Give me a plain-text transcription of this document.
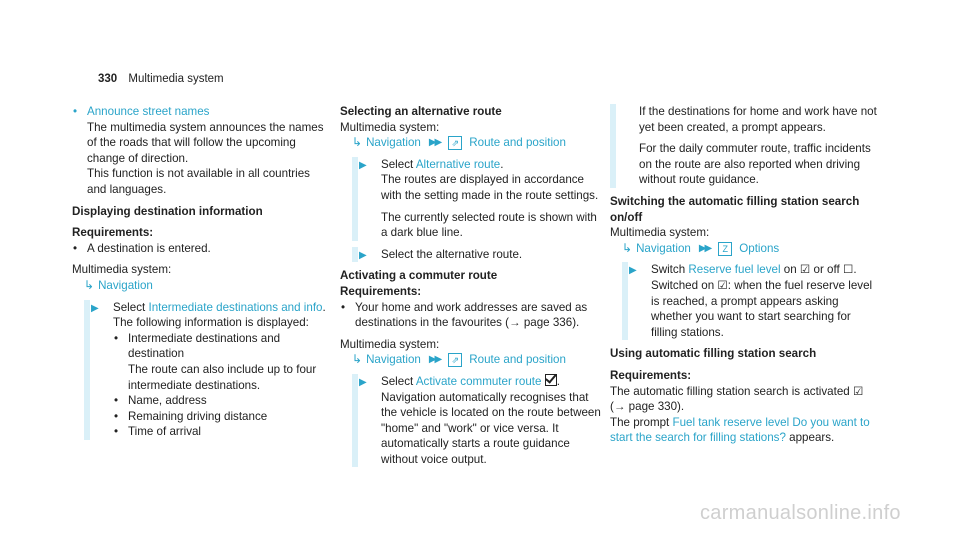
330 Multimedia system

• Announce street names

The multimedia system announces the names of the roads that will follow the upcoming change of direction.

This function is not available in all countries and languages.

Displaying destination information

Requirements:

• A destination is entered.

Multimedia system:

↳ Navigation
▶ Select Intermediate destinations and info.

The following information is displayed:

• Intermediate destinations and destination

The route can also include up to four intermediate destinations.

• Name, address

• Remaining driving distance

• Time of arrival

Selecting an alternative route

Multimedia system:

↳ Navigation ▶▶	⇗ Route and position
▶ Select Alternative route.

The routes are displayed in accordance with the setting made in the route settings.

The currently selected route is shown with a dark blue line.

▶ Select the alternative route.

Activating a commuter route

Requirements:

• Your home and work addresses are saved as destinations in the favourites (→ page 336).

Multimedia system:

↳ Navigation ▶▶	⇗ Route and position
▶ Select Activate commuter route .

Navigation automatically recognises that the vehicle is located on the route between "home" and "work" or vice versa. It automatically starts a route guidance without voice output.

If the destinations for home and work have not yet been created, a prompt appears.

For the daily commuter route, traffic incidents on the route are also reported when driving without route guidance.

Switching the automatic filling station search on/off

Multimedia system:

↳ Navigation ▶▶	Z Options
▶ Switch Reserve fuel level on ☑ or off ☐.

Switched on ☑: when the fuel reserve level is reached, a prompt appears asking whether you want to start searching for filling stations.

Using automatic filling station search

Requirements:

The automatic filling station search is activated ☑ (→ page 330).

The prompt Fuel tank reserve level Do you want to start the search for filling stations? appears.

carmanualsonline.info
